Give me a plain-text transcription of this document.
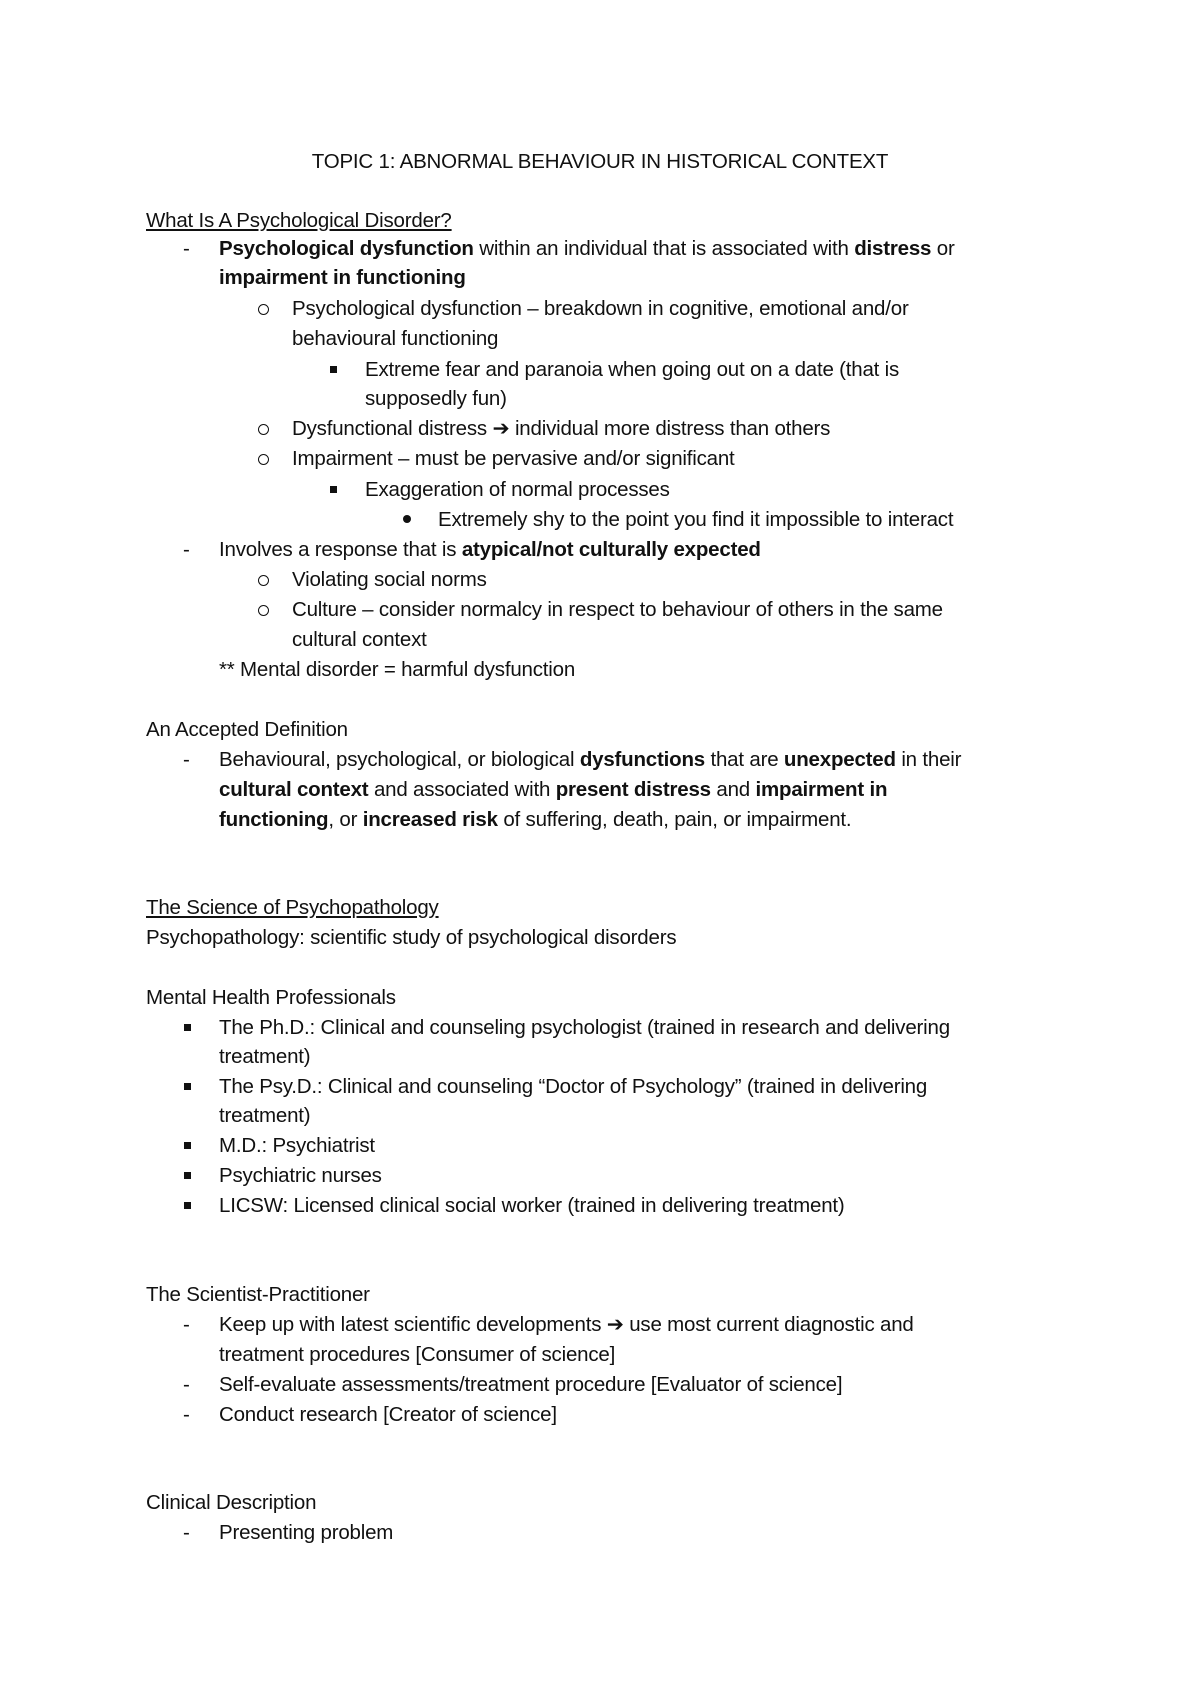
TOPIC 1: ABNORMAL BEHAVIOUR IN HISTORICAL CONTEXT
What Is A Psychological Disorder?
- Psychological dysfunction within an individual that is associated with distress or
impairment in functioning
Psychological dysfunction – breakdown in cognitive, emotional and/or
behavioural functioning
Extreme fear and paranoia when going out on a date (that is
supposedly fun)
Dysfunctional distress ➔ individual more distress than others
Impairment – must be pervasive and/or significant
Exaggeration of normal processes
Extremely shy to the point you find it impossible to interact
- Involves a response that is atypical/not culturally expected
Violating social norms
Culture – consider normalcy in respect to behaviour of others in the same
cultural context
** Mental disorder = harmful dysfunction
An Accepted Definition
- Behavioural, psychological, or biological dysfunctions that are unexpected in their
cultural context and associated with present distress and impairment in
functioning, or increased risk of suffering, death, pain, or impairment.
The Science of Psychopathology
Psychopathology: scientific study of psychological disorders
Mental Health Professionals
The Ph.D.: Clinical and counseling psychologist (trained in research and delivering
treatment)
The Psy.D.: Clinical and counseling “Doctor of Psychology” (trained in delivering
treatment)
M.D.: Psychiatrist
Psychiatric nurses
LICSW: Licensed clinical social worker (trained in delivering treatment)
The Scientist-Practitioner
- Keep up with latest scientific developments ➔ use most current diagnostic and
treatment procedures [Consumer of science]
- Self-evaluate assessments/treatment procedure [Evaluator of science]
- Conduct research [Creator of science]
Clinical Description
- Presenting problem
